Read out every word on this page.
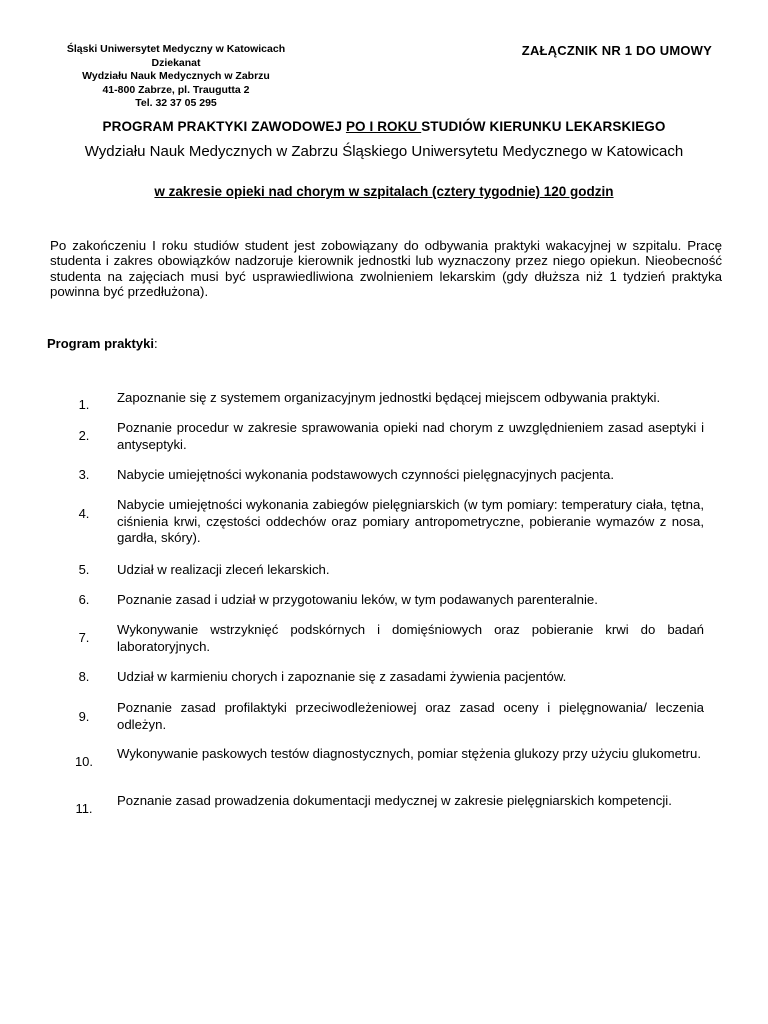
Śląski Uniwersytet Medyczny w Katowicach
Dziekanat
Wydziału Nauk Medycznych w Zabrzu
41-800 Zabrze, pl. Traugutta 2
Tel. 32 37 05 295
ZAŁĄCZNIK NR 1 DO UMOWY
PROGRAM PRAKTYKI ZAWODOWEJ PO I ROKU STUDIÓW KIERUNKU LEKARSKIEGO
Wydziału Nauk Medycznych w Zabrzu Śląskiego Uniwersytetu Medycznego w Katowicach
w zakresie opieki nad chorym w szpitalach (cztery tygodnie) 120 godzin
Po zakończeniu I roku studiów student jest zobowiązany do odbywania praktyki wakacyjnej w szpitalu. Pracę studenta i zakres obowiązków nadzoruje kierownik jednostki lub wyznaczony przez niego opiekun. Nieobecność studenta na zajęciach musi być usprawiedliwiona zwolnieniem lekarskim (gdy dłuższa niż 1 tydzień praktyka powinna być przedłużona).
Program praktyki:
1.	Zapoznanie się z systemem organizacyjnym jednostki będącej miejscem odbywania praktyki.
2.
Poznanie procedur w zakresie sprawowania opieki nad chorym z uwzględnieniem zasad aseptyki i antyseptyki.
3.	Nabycie umiejętności wykonania podstawowych czynności pielęgnacyjnych pacjenta.
4.
Nabycie umiejętności wykonania zabiegów pielęgniarskich (w tym pomiary: temperatury ciała, tętna, ciśnienia krwi, częstości oddechów oraz pomiary antropometryczne, pobieranie wymazów z nosa, gardła, skóry).
5.	Udział w realizacji zleceń lekarskich.
6.	Poznanie zasad i udział w przygotowaniu leków, w tym podawanych parenteralnie.
7.
Wykonywanie wstrzyknięć podskórnych i domięśniowych oraz pobieranie krwi do badań laboratoryjnych.
8.	Udział w karmieniu chorych i zapoznanie się z zasadami żywienia pacjentów.
9.
Poznanie zasad profilaktyki przeciwodleżeniowej oraz zasad oceny i pielęgnowania/ leczenia odleżyn.
10.
Wykonywanie paskowych testów diagnostycznych, pomiar stężenia glukozy przy użyciu glukometru.
11.
Poznanie zasad prowadzenia dokumentacji medycznej w zakresie pielęgniarskich kompetencji.
